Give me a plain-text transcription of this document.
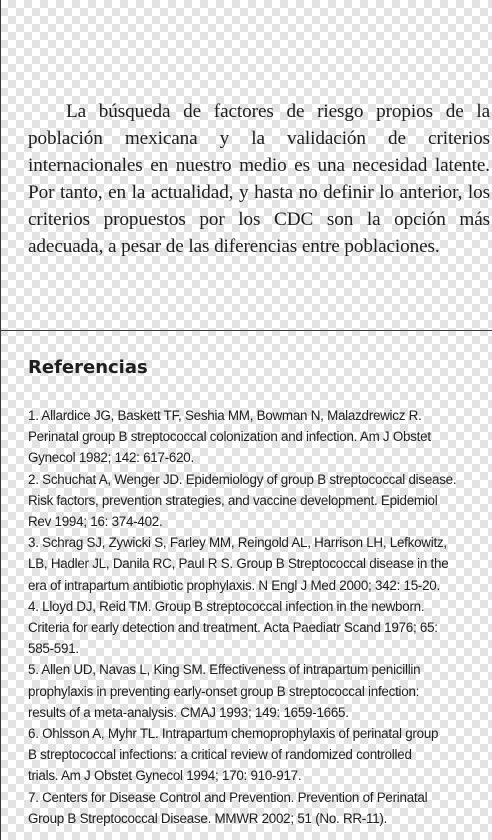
La búsqueda de factores de riesgo propios de la población mexicana y la validación de criterios internacionales en nuestro medio es una necesidad latente. Por tanto, en la actualidad, y hasta no definir lo anterior, los criterios propuestos por los CDC son la opción más adecuada, a pesar de las diferencias entre poblaciones.

Referencias
1. Allardice JG, Baskett TF, Seshia MM, Bowman N, Malazdrewicz R.
Perinatal group B streptococcal colonization and infection. Am J Obstet
Gynecol 1982; 142: 617-620.
2. Schuchat A, Wenger JD. Epidemiology of group B streptococcal disease.
Risk factors, prevention strategies, and vaccine development. Epidemiol
Rev 1994; 16: 374-402.
3. Schrag SJ, Zywicki S, Farley MM, Reingold AL, Harrison LH, Lefkowitz,
LB, Hadler JL, Danila RC, Paul R S. Group B Streptococcal disease in the
era of intrapartum antibiotic prophylaxis. N Engl J Med 2000; 342: 15-20.
4. Lloyd DJ, Reid TM. Group B streptococcal infection in the newborn.
Criteria for early detection and treatment. Acta Paediatr Scand 1976; 65:
585-591.
5. Allen UD, Navas L, King SM. Effectiveness of intrapartum penicillin
prophylaxis in preventing early-onset group B streptococcal infection:
results of a meta-analysis. CMAJ 1993; 149: 1659-1665.
6. Ohlsson A, Myhr TL. Intrapartum chemoprophylaxis of perinatal group
B streptococcal infections: a critical review of randomized controlled
trials. Am J Obstet Gynecol 1994; 170: 910-917.
7. Centers for Disease Control and Prevention. Prevention of Perinatal
Group B Streptococcal Disease. MMWR 2002; 51 (No. RR-11).
